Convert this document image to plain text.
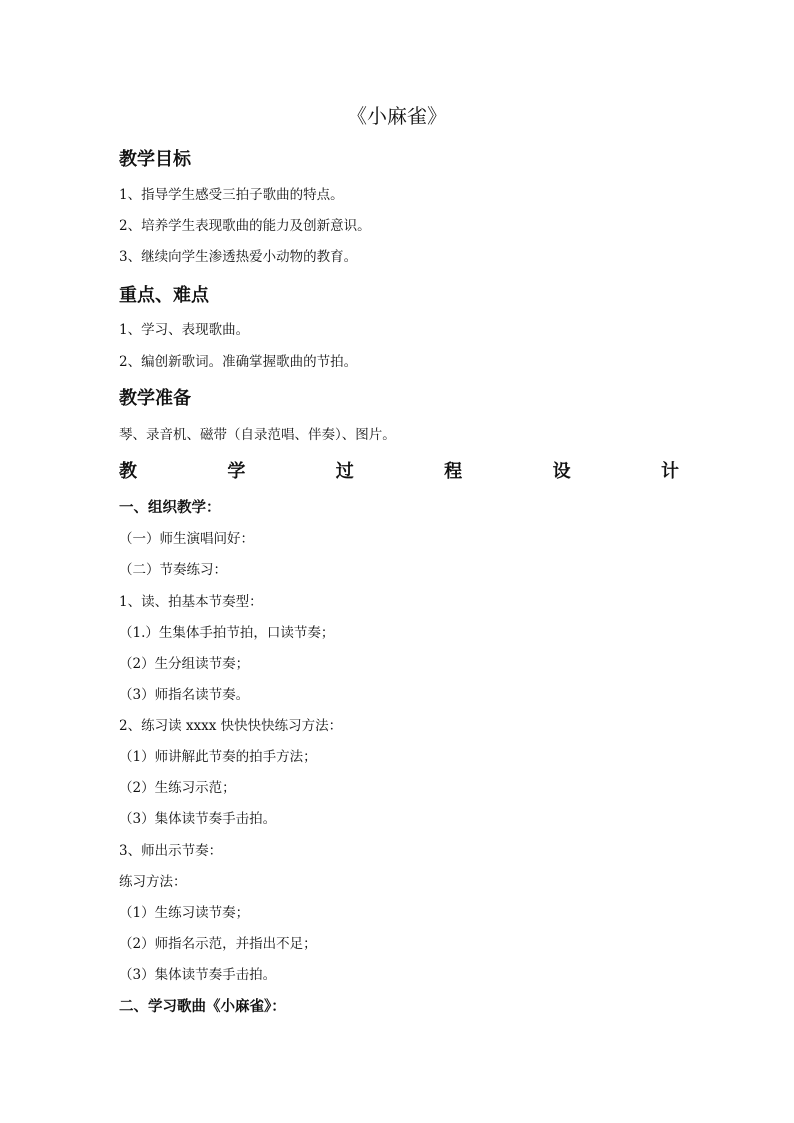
《小麻雀》
教学目标

1、指导学生感受三拍子歌曲的特点。

2、培养学生表现歌曲的能力及创新意识。

3、继续向学生渗透热爱小动物的教育。

重点、难点

1、学习、表现歌曲。

2、编创新歌词。准确掌握歌曲的节拍。

教学准备

琴、录音机、磁带（自录范唱、伴奏）、图片。

教	学	过	程	设	计

一、组织教学：

（一）师生演唱问好：

（二）节奏练习：

1、读、拍基本节奏型：

（1.）生集体手拍节拍，口读节奏；

（2）生分组读节奏；

（3）师指名读节奏。

2、练习读 xxxx 快快快快练习方法：

（1）师讲解此节奏的拍手方法；

（2）生练习示范；

（3）集体读节奏手击拍。

3、师出示节奏：

练习方法：

（1）生练习读节奏；

（2）师指名示范，并指出不足；

（3）集体读节奏手击拍。

二、学习歌曲《小麻雀》：
